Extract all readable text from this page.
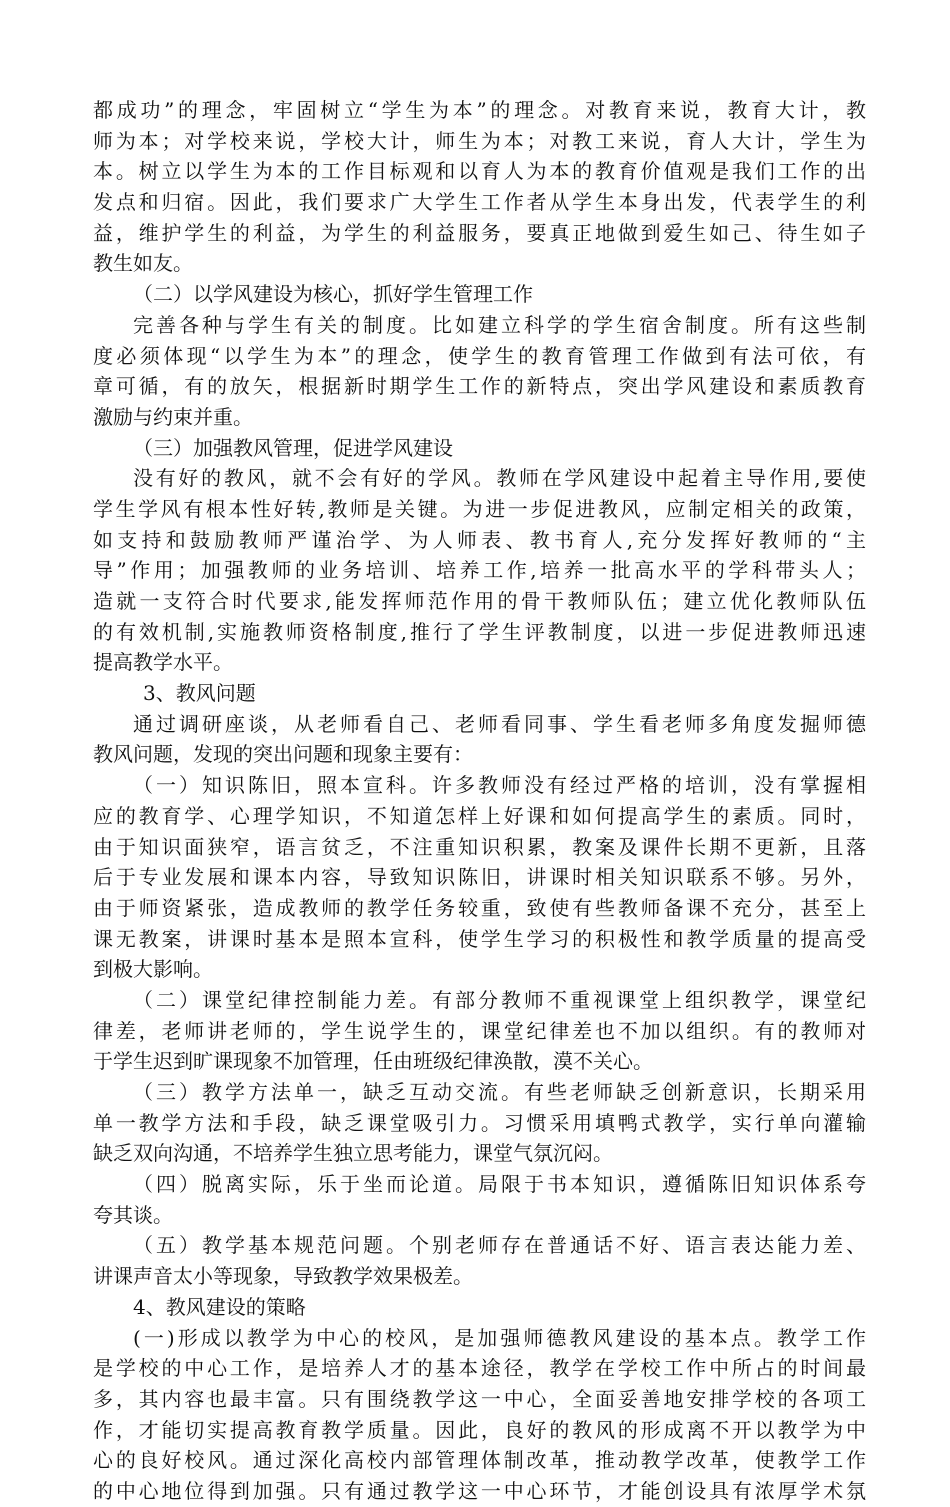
都成功”的理念，牢固树立“学生为本”的理念。对教育来说，教育大计，教
师为本；对学校来说，学校大计，师生为本；对教工来说，育人大计，学生为
本。树立以学生为本的工作目标观和以育人为本的教育价值观是我们工作的出
发点和归宿。因此，我们要求广大学生工作者从学生本身出发，代表学生的利
益，维护学生的利益，为学生的利益服务，要真正地做到爱生如己、待生如子
教生如友。
（二）以学风建设为核心，抓好学生管理工作
完善各种与学生有关的制度。比如建立科学的学生宿舍制度。所有这些制
度必须体现“以学生为本”的理念，使学生的教育管理工作做到有法可依，有
章可循，有的放矢，根据新时期学生工作的新特点，突出学风建设和素质教育
激励与约束并重。
（三）加强教风管理，促进学风建设
没有好的教风，就不会有好的学风。教师在学风建设中起着主导作用,要使
学生学风有根本性好转,教师是关键。为进一步促进教风，应制定相关的政策，
如支持和鼓励教师严谨治学、为人师表、教书育人,充分发挥好教师的“主
导”作用；加强教师的业务培训、培养工作,培养一批高水平的学科带头人；
造就一支符合时代要求,能发挥师范作用的骨干教师队伍；建立优化教师队伍
的有效机制,实施教师资格制度,推行了学生评教制度，以进一步促进教师迅速
提高教学水平。
3、教风问题
通过调研座谈，从老师看自己、老师看同事、学生看老师多角度发掘师德
教风问题，发现的突出问题和现象主要有：
（一）知识陈旧，照本宣科。许多教师没有经过严格的培训，没有掌握相
应的教育学、心理学知识，不知道怎样上好课和如何提高学生的素质。同时，
由于知识面狭窄，语言贫乏，不注重知识积累，教案及课件长期不更新，且落
后于专业发展和课本内容，导致知识陈旧，讲课时相关知识联系不够。另外，
由于师资紧张，造成教师的教学任务较重，致使有些教师备课不充分，甚至上
课无教案，讲课时基本是照本宣科，使学生学习的积极性和教学质量的提高受
到极大影响。
（二）课堂纪律控制能力差。有部分教师不重视课堂上组织教学，课堂纪
律差，老师讲老师的，学生说学生的，课堂纪律差也不加以组织。有的教师对
于学生迟到旷课现象不加管理，任由班级纪律涣散，漠不关心。
（三）教学方法单一，缺乏互动交流。有些老师缺乏创新意识，长期采用
单一教学方法和手段，缺乏课堂吸引力。习惯采用填鸭式教学，实行单向灌输
缺乏双向沟通，不培养学生独立思考能力，课堂气氛沉闷。
（四）脱离实际，乐于坐而论道。局限于书本知识，遵循陈旧知识体系夸
夸其谈。
（五）教学基本规范问题。个别老师存在普通话不好、语言表达能力差、
讲课声音太小等现象，导致教学效果极差。
4、教风建设的策略
(一)形成以教学为中心的校风，是加强师德教风建设的基本点。教学工作
是学校的中心工作，是培养人才的基本途径，教学在学校工作中所占的时间最
多，其内容也最丰富。只有围绕教学这一中心，全面妥善地安排学校的各项工
作，才能切实提高教育教学质量。因此，良好的教风的形成离不开以教学为中
心的良好校风。通过深化高校内部管理体制改革，推动教学改革，使教学工作
的中心地位得到加强。只有通过教学这一中心环节，才能创设具有浓厚学术氛
